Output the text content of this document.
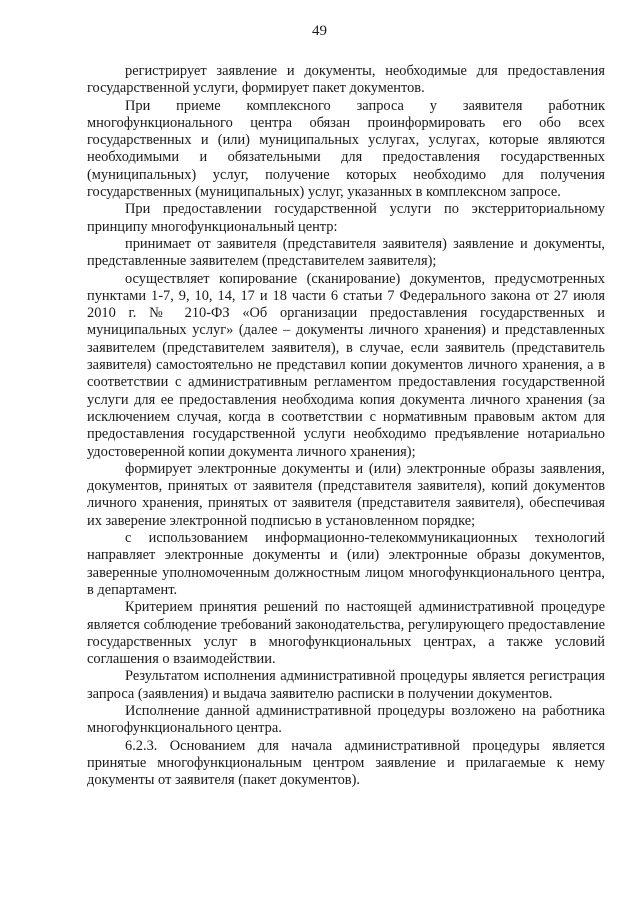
49

регистрирует заявление и документы, необходимые для предоставления государственной услуги, формирует пакет документов.

При приеме комплексного запроса у заявителя работник многофункционального центра обязан проинформировать его обо всех государственных и (или) муниципальных услугах, услугах, которые являются необходимыми и обязательными для предоставления государственных (муниципальных) услуг, получение которых необходимо для получения государственных (муниципальных) услуг, указанных в комплексном запросе.

При предоставлении государственной услуги по экстерриториальному принципу многофункциональный центр:

принимает от заявителя (представителя заявителя) заявление и документы, представленные заявителем (представителем заявителя);

осуществляет копирование (сканирование) документов, предусмотренных пунктами 1-7, 9, 10, 14, 17 и 18 части 6 статьи 7 Федерального закона от 27 июля 2010 г. № 210-ФЗ «Об организации предоставления государственных и муниципальных услуг» (далее – документы личного хранения) и представленных заявителем (представителем заявителя), в случае, если заявитель (представитель заявителя) самостоятельно не представил копии документов личного хранения, а в соответствии с административным регламентом предоставления государственной услуги для ее предоставления необходима копия документа личного хранения (за исключением случая, когда в соответствии с нормативным правовым актом для предоставления государственной услуги необходимо предъявление нотариально удостоверенной копии документа личного хранения);

формирует электронные документы и (или) электронные образы заявления, документов, принятых от заявителя (представителя заявителя), копий документов личного хранения, принятых от заявителя (представителя заявителя), обеспечивая их заверение электронной подписью в установленном порядке;

с использованием информационно-телекоммуникационных технологий направляет электронные документы и (или) электронные образы документов, заверенные уполномоченным должностным лицом многофункционального центра, в департамент.

Критерием принятия решений по настоящей административной процедуре является соблюдение требований законодательства, регулирующего предоставление государственных услуг в многофункциональных центрах, а также условий соглашения о взаимодействии.

Результатом исполнения административной процедуры является регистрация запроса (заявления) и выдача заявителю расписки в получении документов.

Исполнение данной административной процедуры возложено на работника многофункционального центра.

6.2.3. Основанием для начала административной процедуры является принятые многофункциональным центром заявление и прилагаемые к нему документы от заявителя (пакет документов).
